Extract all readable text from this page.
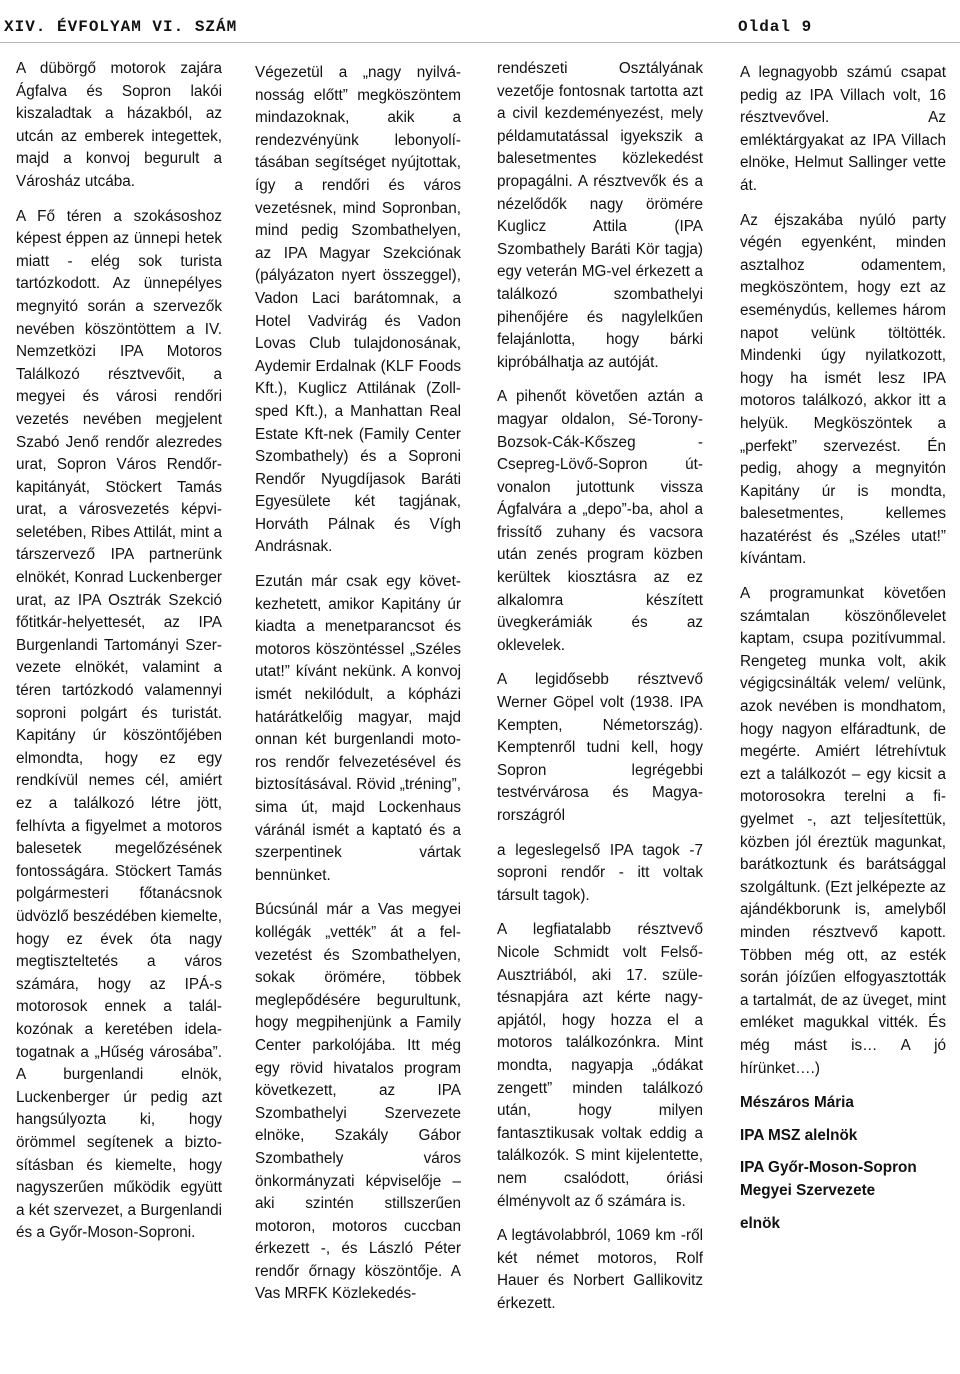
XIV. ÉVFOLYAM VI. SZÁM	Oldal 9

A dübörgő motorok zajára Ágfalva és Sopron lakói kiszaladtak a házakból, az utcán az emberek integettek, majd a konvoj begurult a Városház utcába.

A Fő téren a szokásoshoz képest éppen az ünnepi hetek miatt - elég sok turista tartózkodott. Az ünnepélyes megnyitó során a szervezők nevében köszöntöttem a IV. Nemzetközi IPA Motoros Találkozó résztvevőit, a megyei és városi rendőri vezetés nevében megjelent Szabó Jenő rendőr alezredes urat, Sopron Város Rendőrkapitányát, Stöckert Tamás urat, a városvezetés képviseletében, Ribes Attilát, mint a társzervező IPA partnerünk elnökét, Konrad Luckenberger urat, az IPA Osztrák Szekció főtitkár-helyettesét, az IPA Burgenlandi Tartományi Szervezete elnökét, valamint a téren tartózkodó valamennyi soproni polgárt és turistát. Kapitány úr köszöntőjében elmondta, hogy ez egy rendkívül nemes cél, amiért ez a találkozó létre jött, felhívta a figyelmet a motoros balesetek megelőzésének fontosságára. Stöckert Tamás polgármesteri főtanácsnok üdvözlő beszédében kiemelte, hogy ez évek óta nagy megtiszteltetés a város számára, hogy az IPÁ-s motorosok ennek a találkozónak a keretében idelatogatnak a „Hűség városába”. A burgenlandi elnök, Luckenberger úr pedig azt hangsúlyozta ki, hogy örömmel segítenek a biztosításban és kiemelte, hogy nagyszerűen működik együtt a két szervezet, a Burgenlandi és a Győr-Moson-Soproni.

Végezetül a „nagy nyilvánosság előtt” megköszöntem mindazoknak, akik a rendezvényünk lebonyolításában segítséget nyújtottak, így a rendőri és város vezetésnek, mind Sopronban, mind pedig Szombathelyen, az IPA Magyar Szekciónak (pályázaton nyert összeggel), Vadon Laci barátomnak, a Hotel Vadvirág és Vadon Lovas Club tulajdonosának, Aydemir Erdalnak (KLF Foods Kft.), Kuglicz Attilának (Zoll-sped Kft.), a Manhattan Real Estate Kft-nek (Family Center Szombathely) és a Soproni Rendőr Nyugdíjasok Baráti Egyesülete két tagjának, Horváth Pálnak és Vígh Andrásnak.

Ezután már csak egy következhetett, amikor Kapitány úr kiadta a menetparancsot és motoros köszöntéssel „Széles utat!” kívánt nekünk. A konvoj ismét nekilódult, a kópházi határátkelőig magyar, majd onnan két burgenlandi motoros rendőr felvezetésével és biztosításával. Rövid „tréning”, sima út, majd Lockenhaus váránál ismét a kaptató és a szerpentinek vártak bennünket.

Búcsúnál már a Vas megyei kollégák „vették” át a felvezetést és Szombathelyen, sokak örömére, többek meglepődésére begurultunk, hogy megpihenjünk a Family Center parkolójába. Itt még egy rövid hivatalos program következett, az IPA Szombathelyi Szervezete elnöke, Szakály Gábor Szombathely város önkormányzati képviselője – aki szintén stillszerűen motoron, motoros cuccban érkezett -, és László Péter rendőr őrnagy köszöntője. A Vas MRFK Közlekedés-

rendészeti Osztályának vezetője fontosnak tartotta azt a civil kezdeményezést, mely példamutatással igyekszik a balesetmentes közlekedést propagálni. A résztvevők és a nézelődők nagy örömére Kuglicz Attila (IPA Szombathely Baráti Kör tagja) egy veterán MG-vel érkezett a találkozó szombathelyi pihenőjére és nagylelkűen felajánlotta, hogy bárki kipróbálhatja az autóját.

A pihenőt követően aztán a magyar oldalon, Sé-Torony-Bozsok-Cák-Kőszeg -Csepreg-Lövő-Sopron útvonalon jutottunk vissza Ágfalvára a „depo”-ba, ahol a frissítő zuhany és vacsora után zenés program közben kerültek kiosztásra az ez alkalomra készített üvegkerámiák és az oklevelek.

A legidősebb résztvevő Werner Göpel volt (1938. IPA Kempten, Németország). Kemptenről tudni kell, hogy Sopron legrégebbi testvérvárosa és Magyarországról

a legeslegelső IPA tagok -7 soproni rendőr - itt voltak társult tagok).

A legfiatalabb résztvevő Nicole Schmidt volt Felső-Ausztriából, aki 17. születésnapjára azt kérte nagyapjától, hogy hozza el a motoros találkozónkra. Mint mondta, nagyapja „ódákat zengett” minden találkozó után, hogy milyen fantasztikusak voltak eddig a találkozók. S mint kijelentette, nem csalódott, óriási élményvolt az ő számára is.

A legtávolabbról, 1069 km -ről két német motoros, Rolf Hauer és Norbert Gallikovitz érkezett.

A legnagyobb számú csapat pedig az IPA Villach volt, 16 résztvevővel. Az emléktárgyakat az IPA Villach elnöke, Helmut Sallinger vette át.

Az éjszakába nyúló party végén egyenként, minden asztalhoz odamentem, megköszöntem, hogy ezt az eseménydús, kellemes három napot velünk töltötték. Mindenki úgy nyilatkozott, hogy ha ismét lesz IPA motoros találkozó, akkor itt a helyük. Megköszöntek a „perfekt” szervezést. Én pedig, ahogy a megnyitón Kapitány úr is mondta, balesetmentes, kellemes hazatérést és „Széles utat!” kívántam.

A programunkat követően számtalan köszönőlevelet kaptam, csupa pozitívummal. Rengeteg munka volt, akik végigcsinálták velem/ velünk, azok nevében is mondhatom, hogy nagyon elfáradtunk, de megérte. Amiért létrehívtuk ezt a találkozót – egy kicsit a motorosokra terelni a figyelmet -, azt teljesítettük, közben jól éreztük magunkat, barátkoztunk és barátsággal szolgáltunk. (Ezt jelképezte az ajándékborunk is, amelyből minden résztvevő kapott. Többen még ott, az esték során jóízűen elfogyasztották a tartalmát, de az üveget, mint emléket magukkal vitték. És még mást is… A jó hírünket….)

Mészáros Mária

IPA MSZ alelnök

IPA Győr-Moson-Sopron Megyei Szervezete

elnök
